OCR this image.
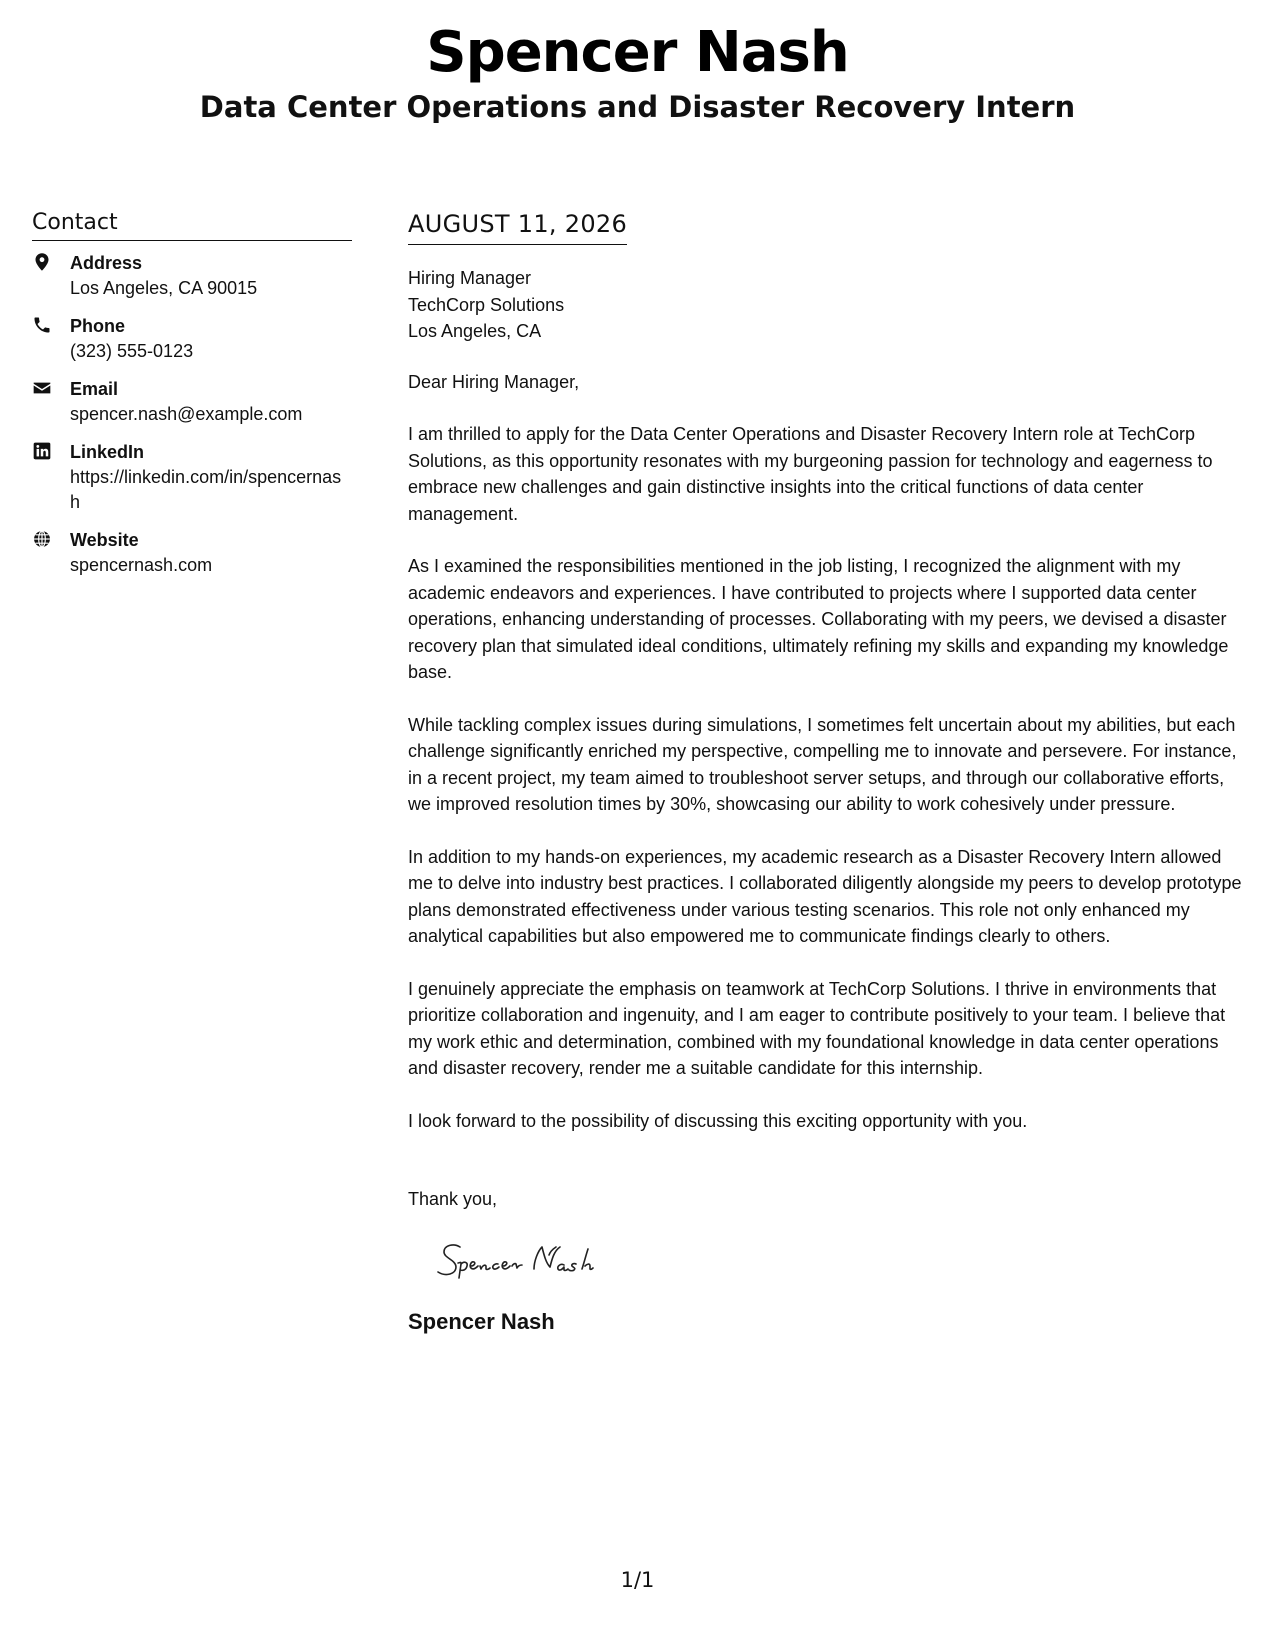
Spencer Nash
Data Center Operations and Disaster Recovery Intern
Contact
Address
Los Angeles, CA 90015
Phone
(323) 555-0123
Email
spencer.nash@example.com
LinkedIn
https://linkedin.com/in/spencernash
Website
spencernash.com
AUGUST 11, 2026
Hiring Manager
TechCorp Solutions
Los Angeles, CA

Dear Hiring Manager,

I am thrilled to apply for the Data Center Operations and Disaster Recovery Intern role at TechCorp Solutions, as this opportunity resonates with my burgeoning passion for technology and eagerness to embrace new challenges and gain distinctive insights into the critical functions of data center management.

As I examined the responsibilities mentioned in the job listing, I recognized the alignment with my academic endeavors and experiences. I have contributed to projects where I supported data center operations, enhancing understanding of processes. Collaborating with my peers, we devised a disaster recovery plan that simulated ideal conditions, ultimately refining my skills and expanding my knowledge base.

While tackling complex issues during simulations, I sometimes felt uncertain about my abilities, but each challenge significantly enriched my perspective, compelling me to innovate and persevere. For instance, in a recent project, my team aimed to troubleshoot server setups, and through our collaborative efforts, we improved resolution times by 30%, showcasing our ability to work cohesively under pressure.

In addition to my hands-on experiences, my academic research as a Disaster Recovery Intern allowed me to delve into industry best practices. I collaborated diligently alongside my peers to develop prototype plans demonstrated effectiveness under various testing scenarios. This role not only enhanced my analytical capabilities but also empowered me to communicate findings clearly to others.

I genuinely appreciate the emphasis on teamwork at TechCorp Solutions. I thrive in environments that prioritize collaboration and ingenuity, and I am eager to contribute positively to your team. I believe that my work ethic and determination, combined with my foundational knowledge in data center operations and disaster recovery, render me a suitable candidate for this internship.

I look forward to the possibility of discussing this exciting opportunity with you.

Thank you,
Spencer Nash
1/1
